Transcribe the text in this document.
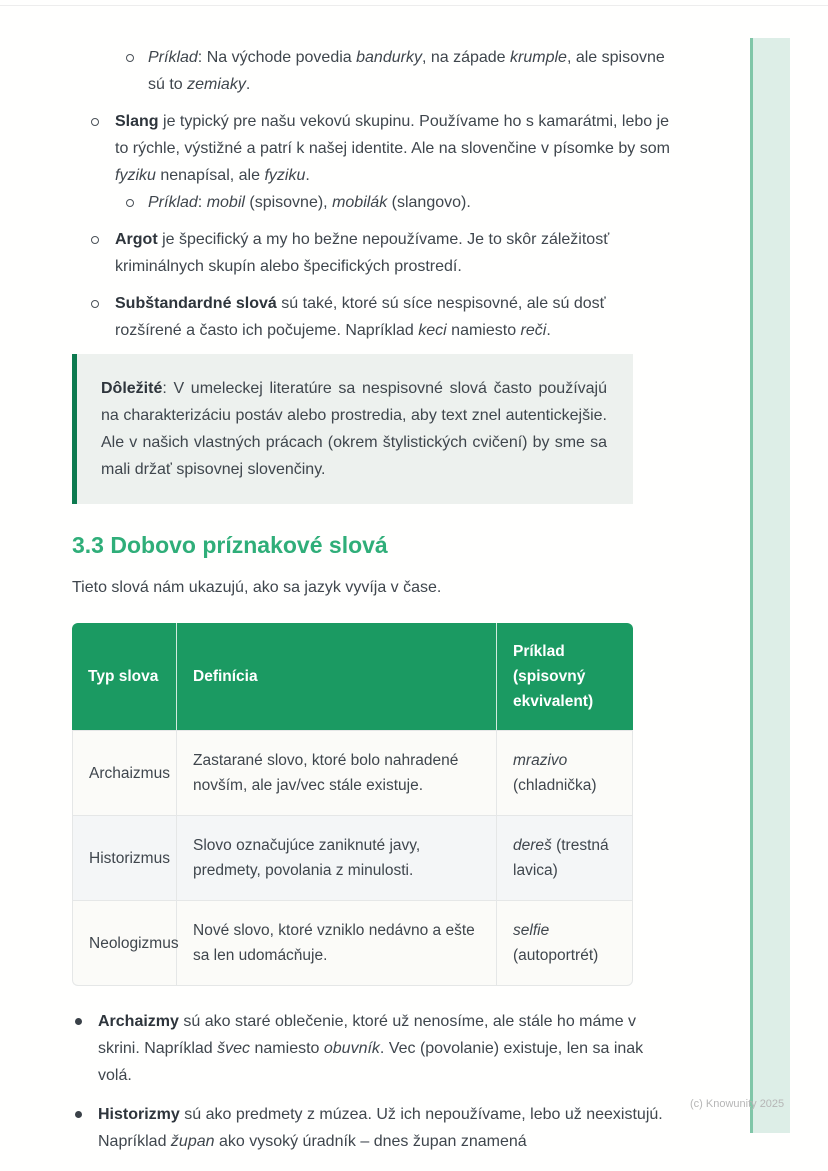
(c) Knowunity 2025
Príklad: Na východe povedia bandurky, na západe krumple, ale spisovne sú to zemiaky.
Slang je typický pre našu vekovú skupinu. Používame ho s kamarátmi, lebo je to rýchle, výstižné a patrí k našej identite. Ale na slovenčine v písomke by som fyziku nenapísal, ale fyziku.
Príklad: mobil (spisovne), mobilák (slangovo).
Argot je špecifický a my ho bežne nepoužívame. Je to skôr záležitosť kriminálnych skupín alebo špecifických prostredí.
Subštandardné slová sú také, ktoré sú síce nespisovné, ale sú dosť rozšírené a často ich počujeme. Napríklad keci namiesto reči.

Dôležité: V umeleckej literatúre sa nespisovné slová často používajú na charakterizáciu postáv alebo prostredia, aby text znel autentickejšie. Ale v našich vlastných prácach (okrem štylistických cvičení) by sme sa mali držať spisovnej slovenčiny.

3.3 Dobovo príznakové slová

Tieto slová nám ukazujú, ako sa jazyk vyvíja v čase.

Typ slova	Definícia	Príklad (spisovný ekvivalent)
Archaizmus	Zastarané slovo, ktoré bolo nahradené novším, ale jav/vec stále existuje.	mrazivo (chladnička)
Historizmus	Slovo označujúce zaniknuté javy, predmety, povolania z minulosti.	dereš (trestná lavica)
Neologizmus	Nové slovo, ktoré vzniklo nedávno a ešte sa len udomácňuje.	selfie (autoportrét)
Archaizmy sú ako staré oblečenie, ktoré už nenosíme, ale stále ho máme v skrini. Napríklad švec namiesto obuvník. Vec (povolanie) existuje, len sa inak volá.
Historizmy sú ako predmety z múzea. Už ich nepoužívame, lebo už neexistujú. Napríklad župan ako vysoký úradník – dnes župan znamená
